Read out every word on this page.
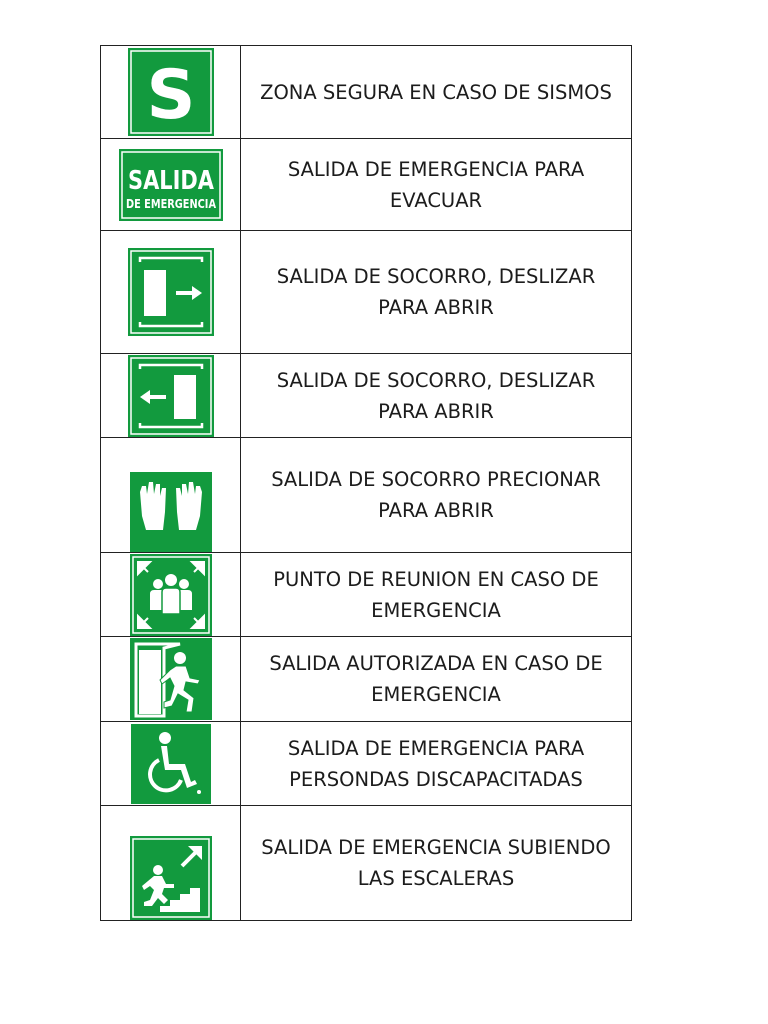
S	ZONA SEGURA EN CASO DE SISMOS

SALIDA
DE EMERGENCIA	SALIDA DE EMERGENCIA PARA EVACUAR

	SALIDA DE SOCORRO, DESLIZAR PARA ABRIR

	SALIDA DE SOCORRO, DESLIZAR PARA ABRIR

	SALIDA DE SOCORRO PRECIONAR PARA ABRIR

	PUNTO DE REUNION EN CASO DE EMERGENCIA

	SALIDA AUTORIZADA EN CASO DE EMERGENCIA

	SALIDA DE EMERGENCIA PARA PERSONDAS DISCAPACITADAS

	SALIDA DE EMERGENCIA SUBIENDO LAS ESCALERAS
